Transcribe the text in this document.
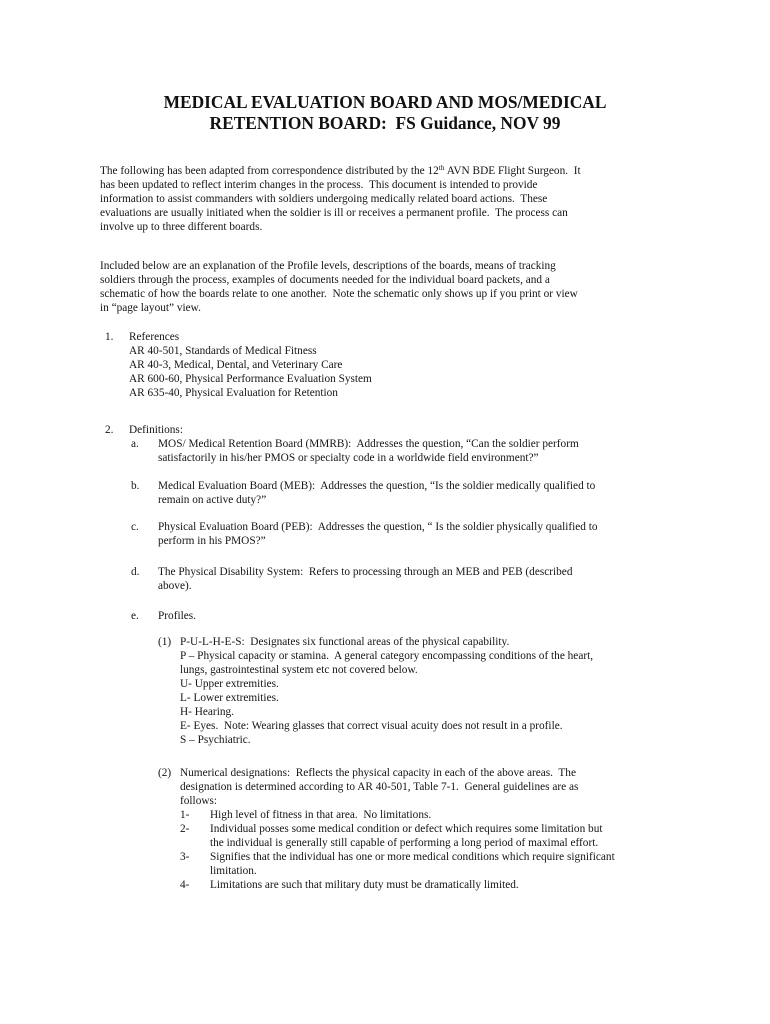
MEDICAL EVALUATION BOARD AND MOS/MEDICAL
RETENTION BOARD:  FS Guidance, NOV 99
The following has been adapted from correspondence distributed by the 12th AVN BDE Flight Surgeon.  It
has been updated to reflect interim changes in the process.  This document is intended to provide
information to assist commanders with soldiers undergoing medically related board actions.  These
evaluations are usually initiated when the soldier is ill or receives a permanent profile.  The process can
involve up to three different boards.
Included below are an explanation of the Profile levels, descriptions of the boards, means of tracking
soldiers through the process, examples of documents needed for the individual board packets, and a
schematic of how the boards relate to one another.  Note the schematic only shows up if you print or view
in “page layout” view.
1.	References
AR 40-501, Standards of Medical Fitness
AR 40-3, Medical, Dental, and Veterinary Care
AR 600-60, Physical Performance Evaluation System
AR 635-40, Physical Evaluation for Retention
2.	Definitions:
a.	MOS/ Medical Retention Board (MMRB):  Addresses the question, “Can the soldier perform
satisfactorily in his/her PMOS or specialty code in a worldwide field environment?”
b.	Medical Evaluation Board (MEB):  Addresses the question, “Is the soldier medically qualified to
remain on active duty?”
c.	Physical Evaluation Board (PEB):  Addresses the question, “ Is the soldier physically qualified to
perform in his PMOS?”
d.	The Physical Disability System:  Refers to processing through an MEB and PEB (described
above).
e.	Profiles.
(1) P-U-L-H-E-S:  Designates six functional areas of the physical capability.
P – Physical capacity or stamina.  A general category encompassing conditions of the heart,
lungs, gastrointestinal system etc not covered below.
U- Upper extremities.
L- Lower extremities.
H- Hearing.
E- Eyes.  Note: Wearing glasses that correct visual acuity does not result in a profile.
S – Psychiatric.
(2) Numerical designations:  Reflects the physical capacity in each of the above areas.  The
designation is determined according to AR 40-501, Table 7-1.  General guidelines are as
follows:
1-	High level of fitness in that area.  No limitations.
2-	Individual posses some medical condition or defect which requires some limitation but
the individual is generally still capable of performing a long period of maximal effort.
3-	Signifies that the individual has one or more medical conditions which require significant
limitation.
4-	Limitations are such that military duty must be dramatically limited.
